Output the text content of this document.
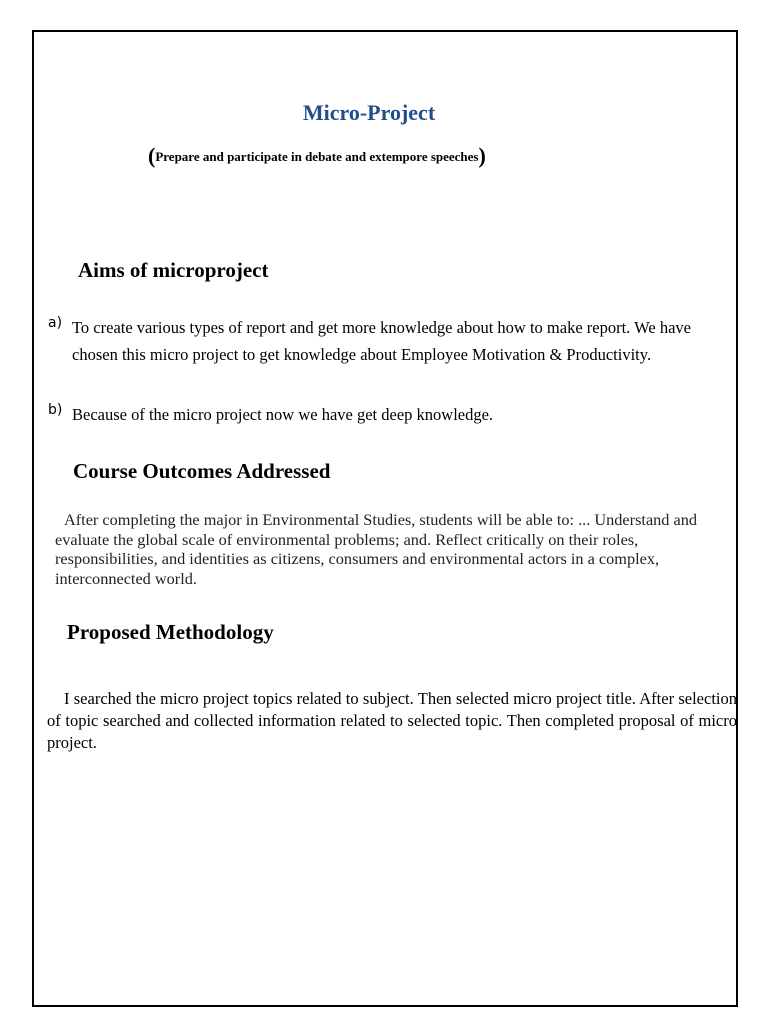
Micro-Project
(Prepare and participate in debate and extempore speeches)
Aims of microproject
a) To create various types of report and get more knowledge about how to make report. We have chosen this micro project to get knowledge about Employee Motivation & Productivity.
b) Because of the micro project now we have get deep knowledge.
Course Outcomes Addressed
After completing the major in Environmental Studies, students will be able to: ... Understand and evaluate the global scale of environmental problems; and. Reflect critically on their roles, responsibilities, and identities as citizens, consumers and environmental actors in a complex, interconnected world.
Proposed Methodology
I searched the micro project topics related to subject. Then selected micro project title. After selection of topic searched and collected information related to selected topic. Then completed proposal of micro project.
